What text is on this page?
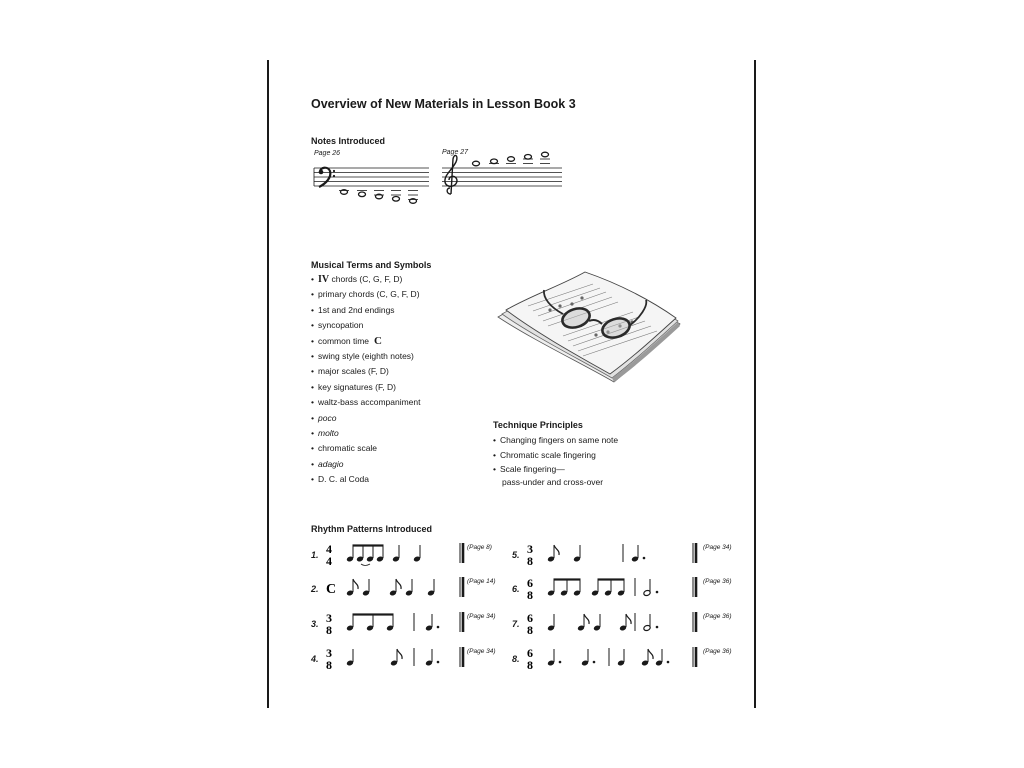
Overview of New Materials in Lesson Book 3
Notes Introduced
Page 26	Page 27
Musical Terms and Symbols
• IV chords (C, G, F, D)
• primary chords (C, G, F, D)
• 1st and 2nd endings
• syncopation
• common time C
• swing style (eighth notes)
• major scales (F, D)
• key signatures (F, D)
• waltz-bass accompaniment
• poco
• molto
• chromatic scale
• adagio
• D. C. al Coda
Technique Principles
• Changing fingers on same note
• Chromatic scale fingering
• Scale fingering—
pass-under and cross-over
Rhythm Patterns Introduced
1.
(Page 8)
2.
(Page 14)
3.
(Page 34)
4.
(Page 34)
5.
(Page 34)
6.
(Page 36)
7.
(Page 36)
8.
(Page 36)
